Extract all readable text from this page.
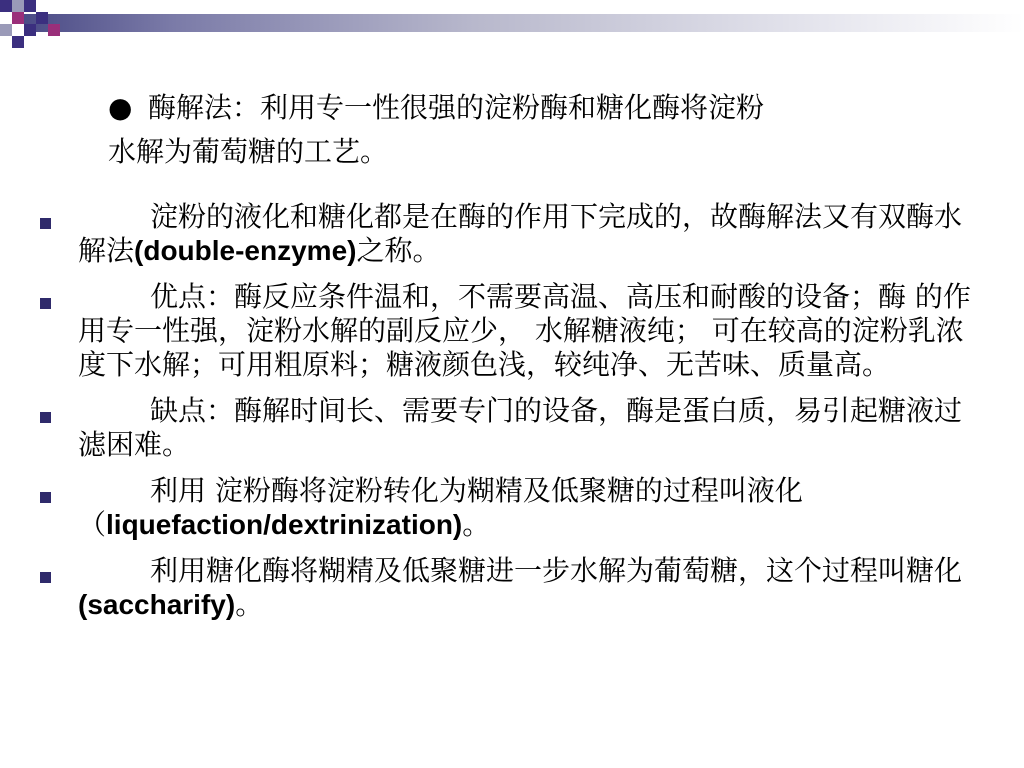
● 酶解法：利用专一性很强的淀粉酶和糖化酶将淀粉
水解为葡萄糖的工艺。
淀粉的液化和糖化都是在酶的作用下完成的，故酶解法又有双酶水解法(double-enzyme)之称。
优点：酶反应条件温和，不需要高温、高压和耐酸的设备；酶 的作用专一性强，淀粉水解的副反应少， 水解糖液纯； 可在较高的淀粉乳浓度下水解；可用粗原料；糖液颜色浅，较纯净、无苦味、质量高。
缺点：酶解时间长、需要专门的设备，酶是蛋白质，易引起糖液过滤困难。
利用 淀粉酶将淀粉转化为糊精及低聚糖的过程叫液化（liquefaction/dextrinization)。
利用糖化酶将糊精及低聚糖进一步水解为葡萄糖，这个过程叫糖化(saccharify)。
